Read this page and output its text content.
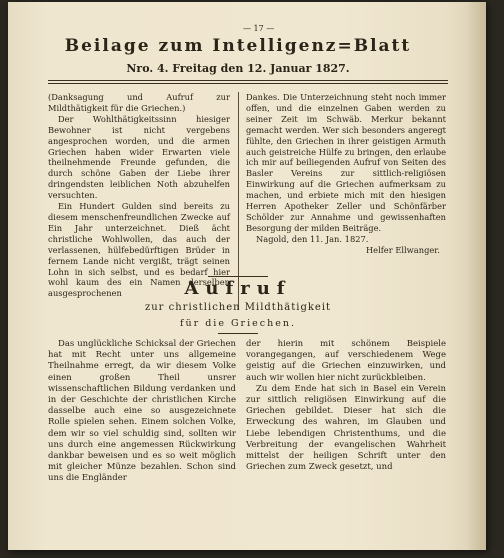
— 17 —
Beilage zum Intelligenz=Blatt
Nro. 4. Freitag den 12. Januar 1827.

(Danksagung und Aufruf zur Mildthätigkeit für die Griechen.)

Der Wohlthätigkeitssinn hiesiger Bewohner ist nicht vergebens angesprochen worden, und die armen Griechen haben wider Erwarten viele theilnehmende Freunde gefunden, die durch schöne Gaben der Liebe ihrer dringendsten leiblichen Noth abzuhelfen versuchten.

Ein Hundert Gulden sind bereits zu diesem menschenfreundlichen Zwecke auf Ein Jahr unterzeichnet. Dieß ächt christliche Wohlwollen, das auch der verlassenen, hülfebedürftigen Brüder in fernem Lande nicht vergißt, trägt seinen Lohn in sich selbst, und es bedarf hier wohl kaum des ein Namen derselben ausgesprochenen

Dankes. Die Unterzeichnung steht noch immer offen, und die einzelnen Gaben werden zu seiner Zeit im Schwäb. Merkur bekannt gemacht werden. Wer sich besonders angeregt fühlte, den Griechen in ihrer geistigen Armuth auch geistreiche Hülfe zu bringen, den erlaube ich mir auf beiliegenden Aufruf von Seiten des Basler Vereins zur sittlich-religiösen Einwirkung auf die Griechen aufmerksam zu machen, und erbiete mich mit den hiesigen Herren Apotheker Zeller und Schönfärber Schölder zur Annahme und gewissenhaften Besorgung der milden Beiträge.

Nagold, den 11. Jan. 1827.

Helfer Ellwanger.

Aufruf
zur christlichen Mildthätigkeit
für die Griechen.

Das unglückliche Schicksal der Griechen hat mit Recht unter uns allgemeine Theilnahme erregt, da wir diesem Volke einen großen Theil unsrer wissenschaftlichen Bildung verdanken und in der Geschichte der christlichen Kirche dasselbe auch eine so ausgezeichnete Rolle spielen sehen. Einem solchen Volke, dem wir so viel schuldig sind, sollten wir uns durch eine angemessen Rückwirkung dankbar beweisen und es so weit möglich mit gleicher Münze bezahlen. Schon sind uns die Engländer

der hierin mit schönem Beispiele vorangegangen, auf verschiedenem Wege geistig auf die Griechen einzuwirken, und auch wir wollen hier nicht zurückbleiben.

Zu dem Ende hat sich in Basel ein Verein zur sittlich religiösen Einwirkung auf die Griechen gebildet. Dieser hat sich die Erweckung des wahren, im Glauben und Liebe lebendigen Christenthums, und die Verbreitung der evangelischen Wahrheit mittelst der heiligen Schrift unter den Griechen zum Zweck gesetzt, und
